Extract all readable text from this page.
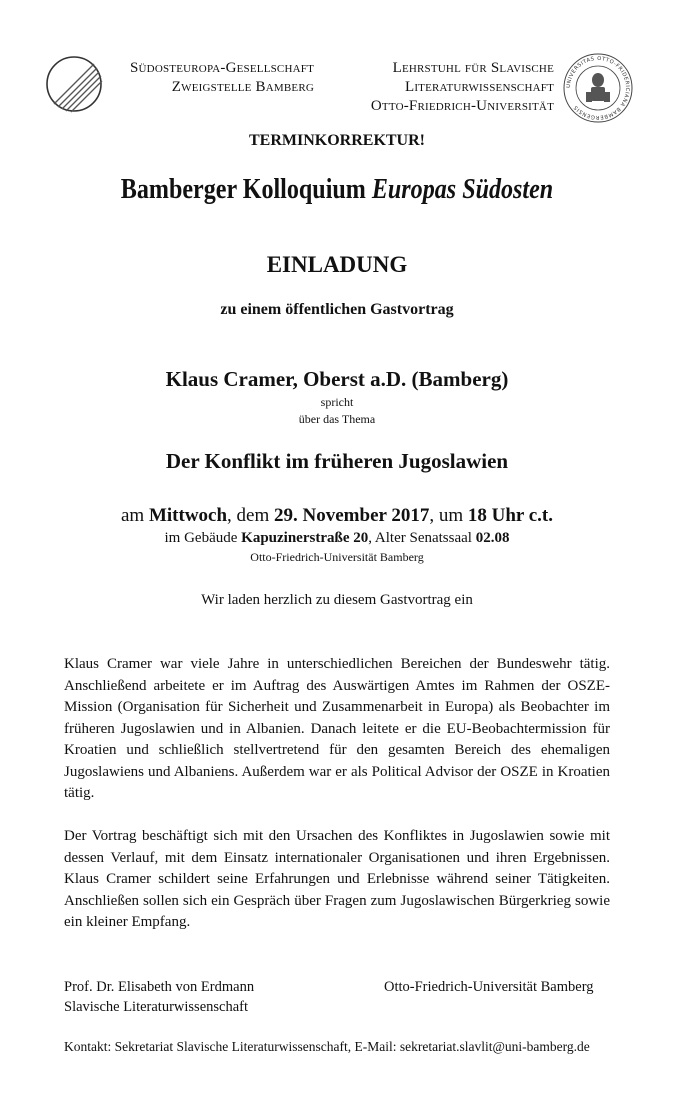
Südosteuropa-Gesellschaft
Zweigstelle Bamberg
Lehrstuhl für Slavische
Literaturwissenschaft
Otto-Friedrich-Universität
UNIVERSITAS OTTO-FRIDERICIANA BAMBERGENSIS
TERMINKORREKTUR!
Bamberger Kolloquium Europas Südosten
EINLADUNG
zu einem öffentlichen Gastvortrag
Klaus Cramer, Oberst a.D. (Bamberg)
spricht
über das Thema
Der Konflikt im früheren Jugoslawien
am Mittwoch, dem 29. November 2017, um 18 Uhr c.t.
im Gebäude Kapuzinerstraße 20, Alter Senatssaal 02.08
Otto-Friedrich-Universität Bamberg
Wir laden herzlich zu diesem Gastvortrag ein
Klaus Cramer war viele Jahre in unterschiedlichen Bereichen der Bundeswehr tätig. Anschließend arbeitete er im Auftrag des Auswärtigen Amtes im Rahmen der OSZE-Mission (Organisation für Sicherheit und Zusammenarbeit in Europa) als Beobachter im früheren Jugoslawien und in Albanien. Danach leitete er die EU-Beobachtermission für Kroatien und schließlich stellvertretend für den gesamten Bereich des ehemaligen Jugoslawiens und Albaniens. Außerdem war er als Political Advisor der OSZE in Kroatien tätig.
Der Vortrag beschäftigt sich mit den Ursachen des Konfliktes in Jugoslawien sowie mit dessen Verlauf, mit dem Einsatz internationaler Organisationen und ihren Ergebnissen. Klaus Cramer schildert seine Erfahrungen und Erlebnisse während seiner Tätigkeiten. Anschließen sollen sich ein Gespräch über Fragen zum Jugoslawischen Bürgerkrieg sowie ein kleiner Empfang.
Prof. Dr. Elisabeth von Erdmann
Slavische Literaturwissenschaft
Otto-Friedrich-Universität Bamberg
Kontakt: Sekretariat Slavische Literaturwissenschaft, E-Mail: sekretariat.slavlit@uni-bamberg.de
